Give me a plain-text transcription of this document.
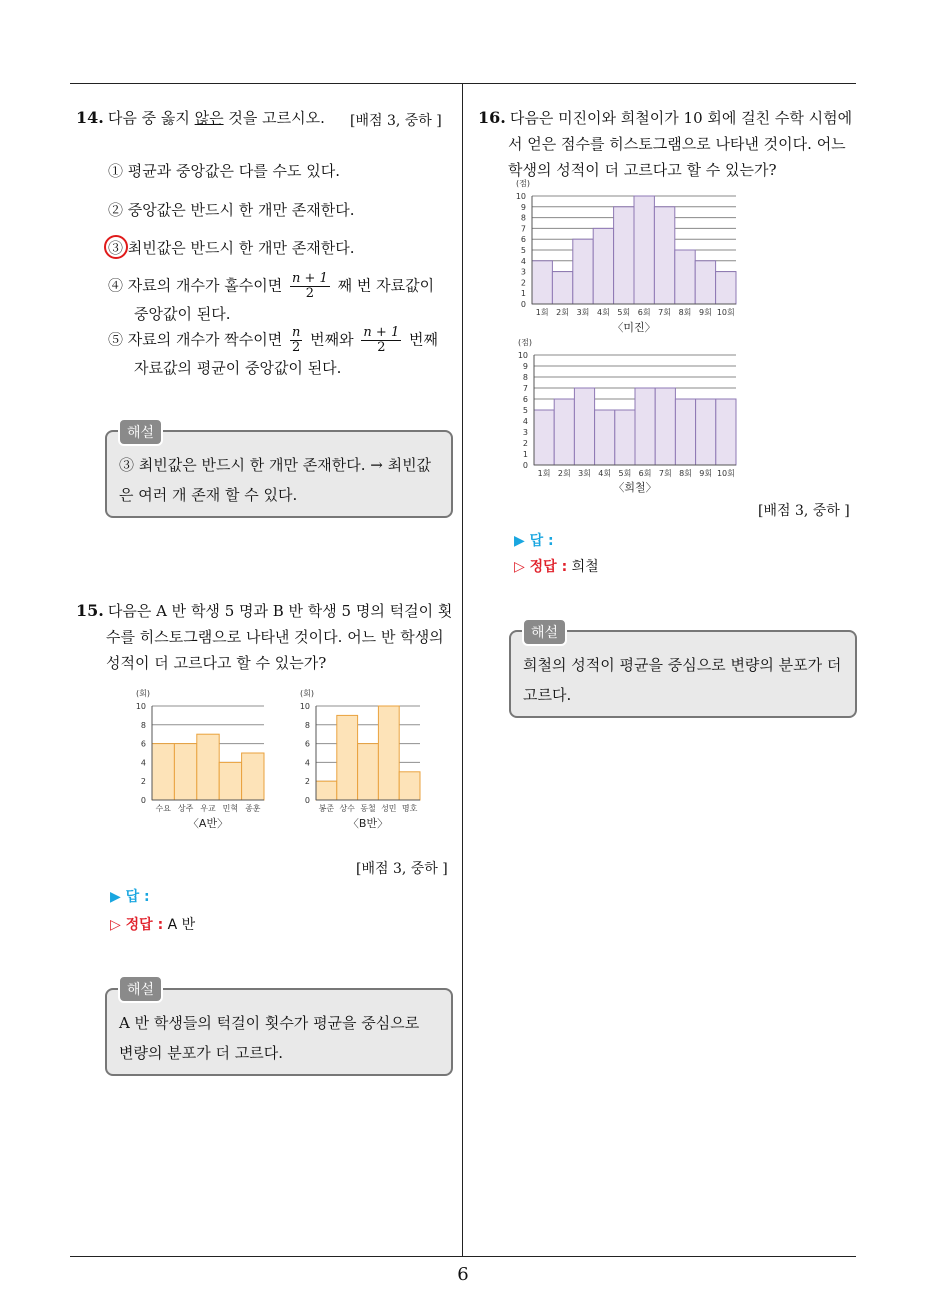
6
14. 다음 중 옳지 않은 것을 고르시오. [배점 3, 중하 ]
① 평균과 중앙값은 다를 수도 있다.
② 중앙값은 반드시 한 개만 존재한다.
③ 최빈값은 반드시 한 개만 존재한다.
④ 자료의 개수가 홀수이면 $\frac{n + 1}{2}$ 째 번 자료값이
중앙값이 된다.
⑤ 자료의 개수가 짝수이면 $\frac{n}{2}$ 번째와 $\frac{n + 1}{2}$ 번째
자료값의 평균이 중앙값이 된다.
③ 최빈값은 반드시 한 개만 존재한다. → 최빈값
은 여러 개 존재 할 수 있다.
해설
15. 다음은 A 반 학생 5 명과 B 반 학생 5 명의 턱걸이 횟
수를 히스토그램으로 나타낸 것이다. 어느 반 학생의
성적이 더 고르다고 할 수 있는가?
0
2
4
6
8
10
(회)
수요 상주 우교 민혁 종훈
〈A반〉
0
2
4
6
8
10
(회)
봉준 상수 동철 성민 명호
〈B반〉
[배점 3, 중하 ]
▶ 답 :
▷ 정답 : A 반
A 반 학생들의 턱걸이 횟수가 평균을 중심으로
변량의 분포가 더 고르다.
해설
16. 다음은 미진이와 희철이가 10 회에 걸친 수학 시험에
서 얻은 점수를 히스토그램으로 나타낸 것이다. 어느
학생의 성적이 더 고르다고 할 수 있는가?
0
1
2
3
4
5
6
7
8
9
10
(점)
1회 2회 3회 4회 5회 6회 7회 8회 9회 10회
〈미진〉
0
1
2
3
4
5
6
7
8
9
10
(점)
1회 2회 3회 4회 5회 6회 7회 8회 9회 10회
〈희철〉
[배점 3, 중하 ]
▶ 답 :
▷ 정답 : 희철
희철의 성적이 평균을 중심으로 변량의 분포가 더
고르다.
해설
